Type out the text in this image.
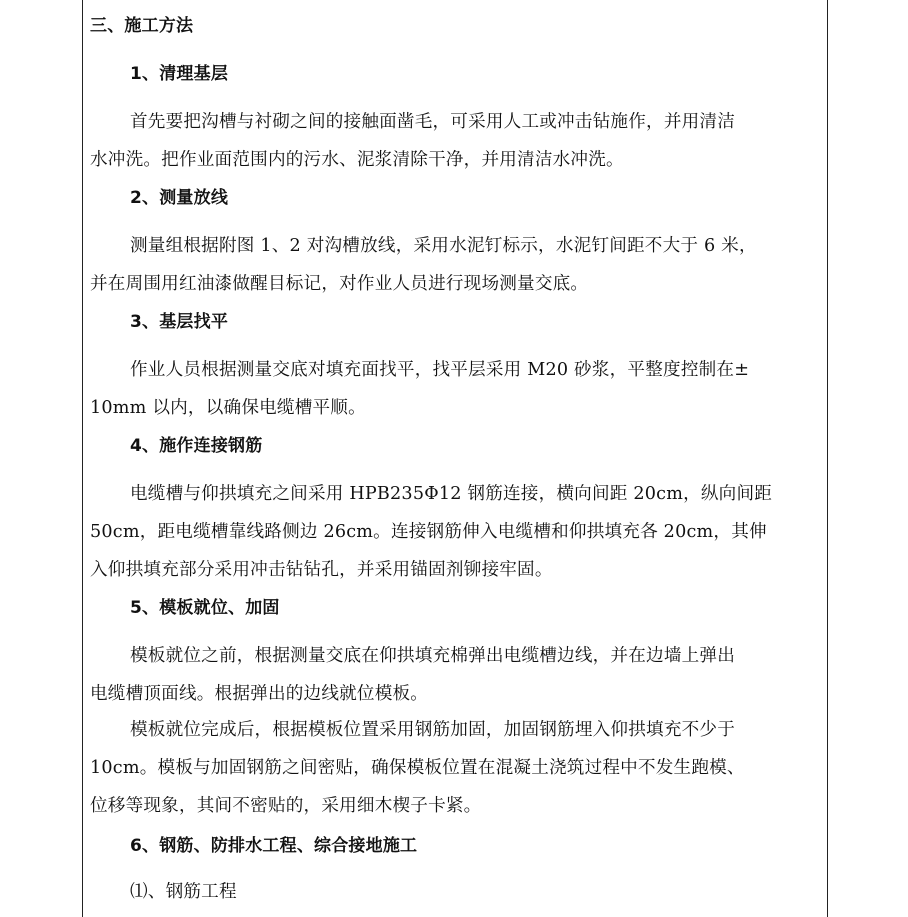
三、施工方法
1、清理基层
首先要把沟槽与衬砌之间的接触面凿毛，可采用人工或冲击钻施作，并用清洁
水冲洗。把作业面范围内的污水、泥浆清除干净，并用清洁水冲洗。
2、测量放线
测量组根据附图 1、2 对沟槽放线，采用水泥钉标示，水泥钉间距不大于 6 米，
并在周围用红油漆做醒目标记，对作业人员进行现场测量交底。
3、基层找平
作业人员根据测量交底对填充面找平，找平层采用 M20 砂浆，平整度控制在±
10mm 以内，以确保电缆槽平顺。
4、施作连接钢筋
电缆槽与仰拱填充之间采用 HPB235Φ12 钢筋连接，横向间距 20cm，纵向间距
50cm，距电缆槽靠线路侧边 26cm。连接钢筋伸入电缆槽和仰拱填充各 20cm，其伸
入仰拱填充部分采用冲击钻钻孔，并采用锚固剂铆接牢固。
5、模板就位、加固
模板就位之前，根据测量交底在仰拱填充棉弹出电缆槽边线，并在边墙上弹出
电缆槽顶面线。根据弹出的边线就位模板。
模板就位完成后，根据模板位置采用钢筋加固，加固钢筋埋入仰拱填充不少于
10cm。模板与加固钢筋之间密贴，确保模板位置在混凝土浇筑过程中不发生跑模、
位移等现象，其间不密贴的，采用细木楔子卡紧。
6、钢筋、防排水工程、综合接地施工
⑴、钢筋工程
